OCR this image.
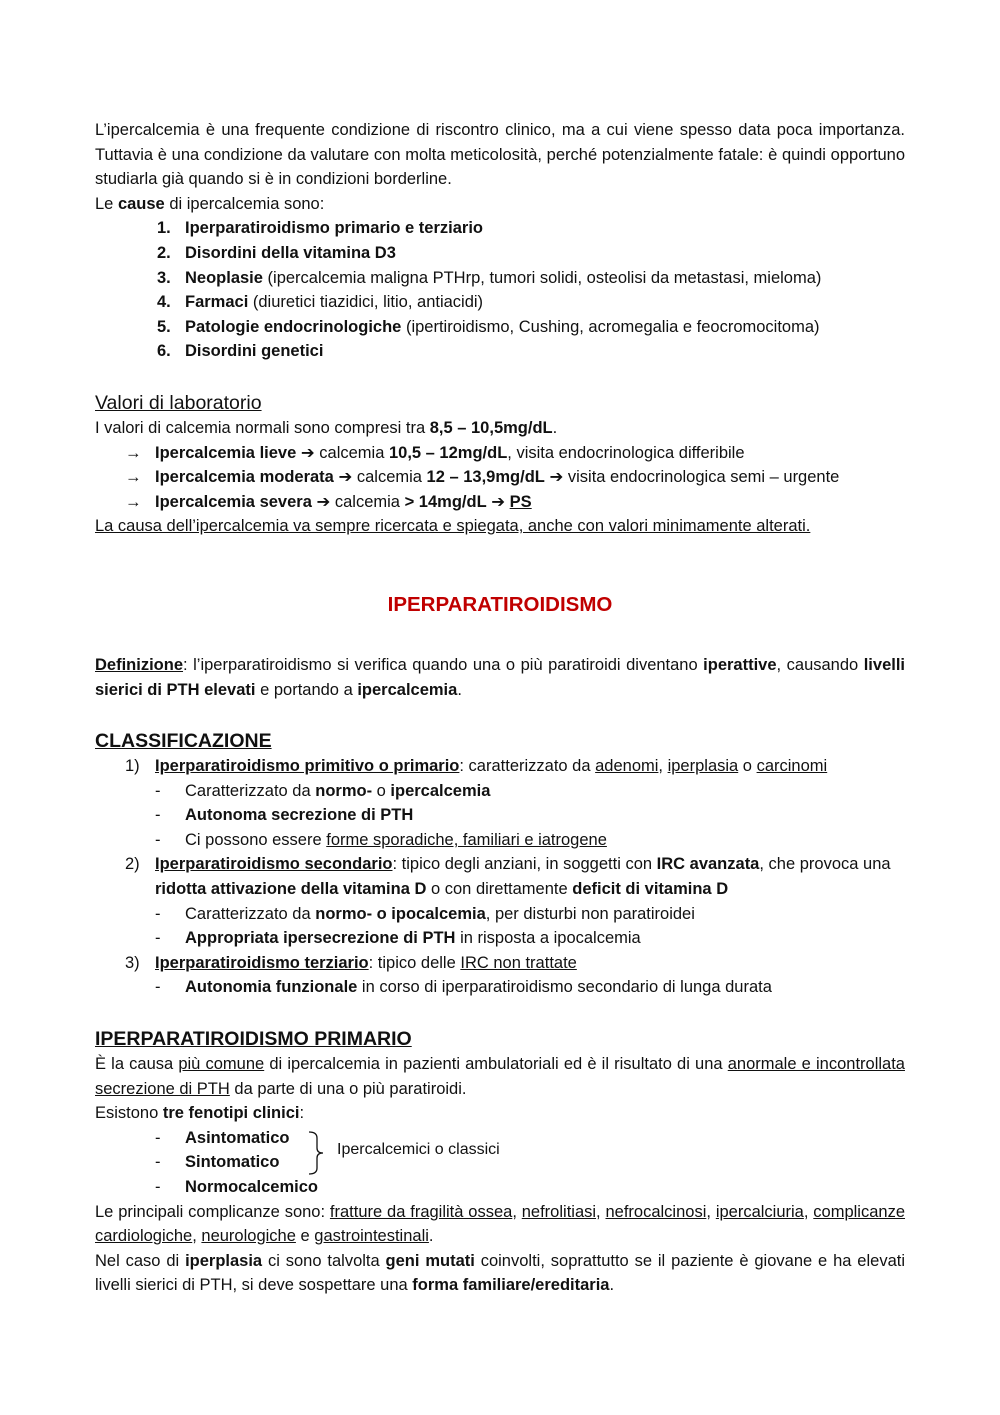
L’ipercalcemia è una frequente condizione di riscontro clinico, ma a cui viene spesso data poca importanza. Tuttavia è una condizione da valutare con molta meticolosità, perché potenzialmente fatale: è quindi opportuno studiarla già quando si è in condizioni borderline.

Le cause di ipercalcemia sono:

1. Iperparatiroidismo primario e terziario
2. Disordini della vitamina D3
3. Neoplasie (ipercalcemia maligna PTHrp, tumori solidi, osteolisi da metastasi, mieloma)
4. Farmaci (diuretici tiazidici, litio, antiacidi)
5. Patologie endocrinologiche (ipertiroidismo, Cushing, acromegalia e feocromocitoma)
6. Disordini genetici
Valori di laboratorio

I valori di calcemia normali sono compresi tra 8,5 – 10,5mg/dL.

→ Ipercalcemia lieve ➔ calcemia 10,5 – 12mg/dL, visita endocrinologica differibile
→ Ipercalcemia moderata ➔ calcemia 12 – 13,9mg/dL ➔ visita endocrinologica semi – urgente
→ Ipercalcemia severa ➔ calcemia > 14mg/dL ➔ PS

La causa dell’ipercalcemia va sempre ricercata e spiegata, anche con valori minimamente alterati.

IPERPARATIROIDISMO

Definizione: l’iperparatiroidismo si verifica quando una o più paratiroidi diventano iperattive, causando livelli sierici di PTH elevati e portando a ipercalcemia.

CLASSIFICAZIONE
1) Iperparatiroidismo primitivo o primario: caratterizzato da adenomi, iperplasia o carcinomi
- Caratterizzato da normo- o ipercalcemia
- Autonoma secrezione di PTH
- Ci possono essere forme sporadiche, familiari e iatrogene
2) Iperparatiroidismo secondario: tipico degli anziani, in soggetti con IRC avanzata, che provoca una ridotta attivazione della vitamina D o con direttamente deficit di vitamina D
- Caratterizzato da normo- o ipocalcemia, per disturbi non paratiroidei
- Appropriata ipersecrezione di PTH in risposta a ipocalcemia
3) Iperparatiroidismo terziario: tipico delle IRC non trattate
- Autonomia funzionale in corso di iperparatiroidismo secondario di lunga durata
IPERPARATIROIDISMO PRIMARIO

È la causa più comune di ipercalcemia in pazienti ambulatoriali ed è il risultato di una anormale e incontrollata secrezione di PTH da parte di una o più paratiroidi.

Esistono tre fenotipi clinici:

- Asintomatico
- Sintomatico
- Normocalcemico
Ipercalcemici o classici

Le principali complicanze sono: fratture da fragilità ossea, nefrolitiasi, nefrocalcinosi, ipercalciuria, complicanze cardiologiche, neurologiche e gastrointestinali.

Nel caso di iperplasia ci sono talvolta geni mutati coinvolti, soprattutto se il paziente è giovane e ha elevati livelli sierici di PTH, si deve sospettare una forma familiare/ereditaria.
